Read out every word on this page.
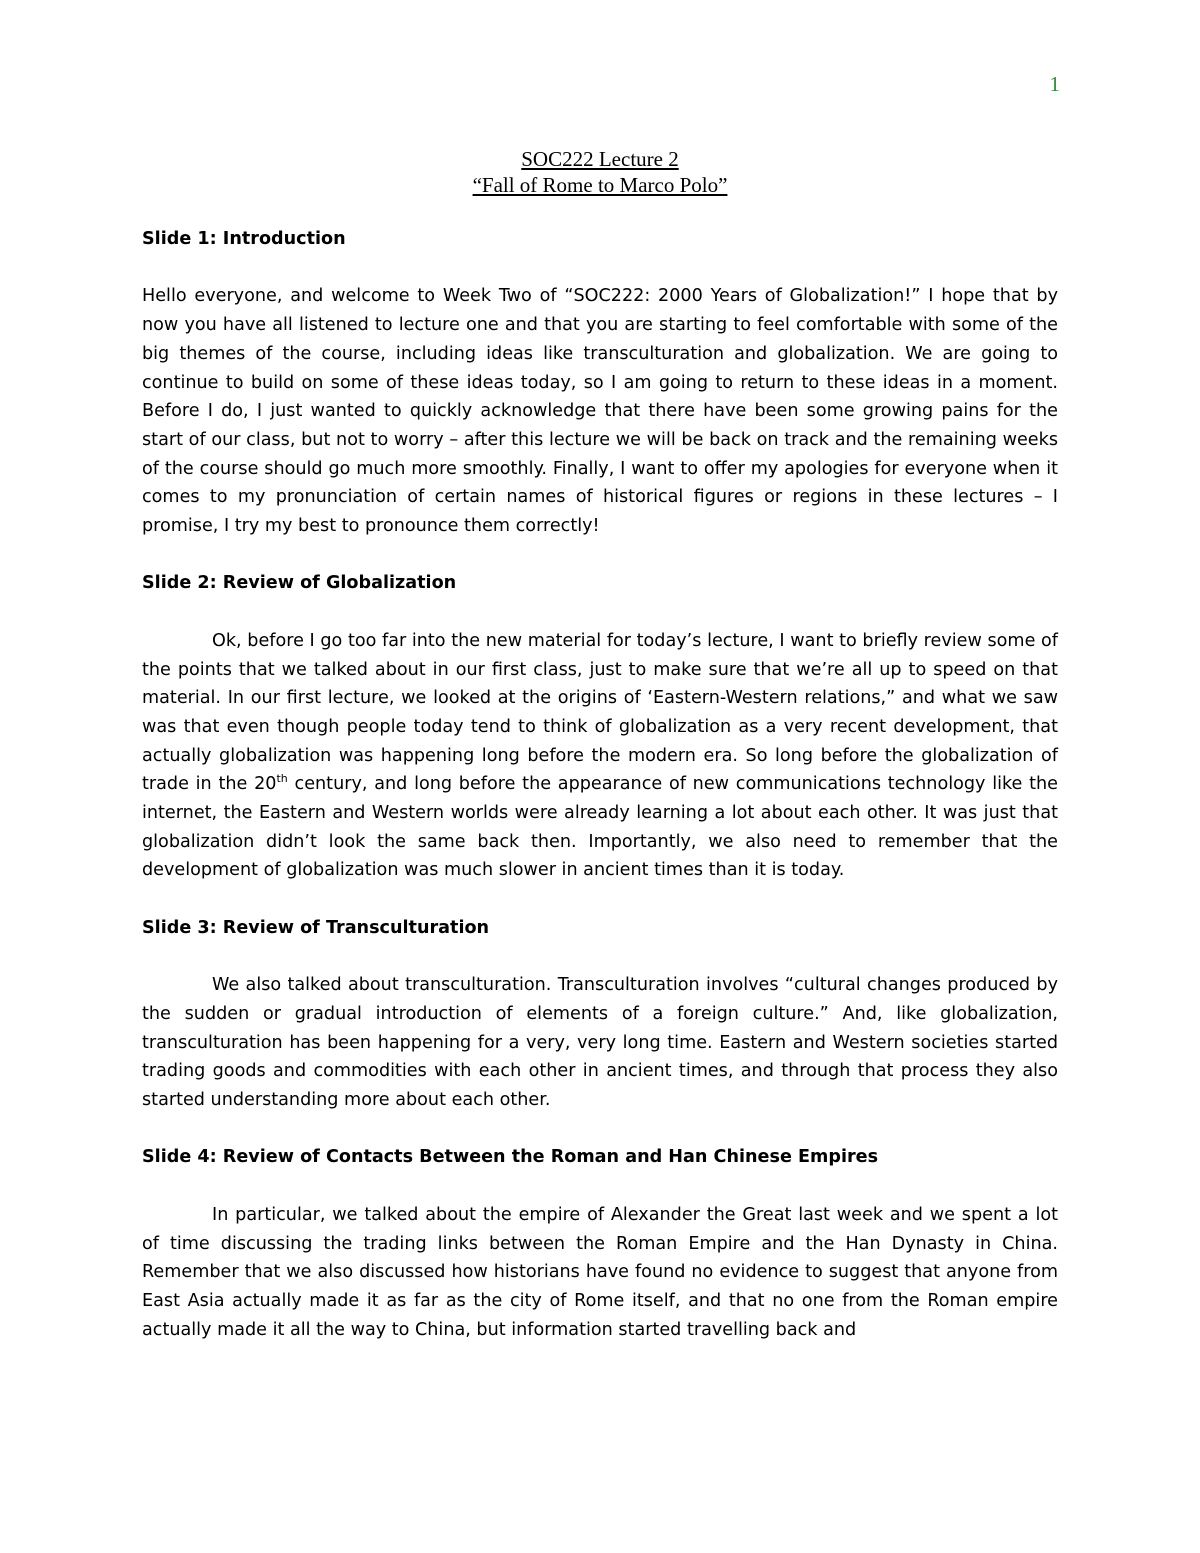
1
SOC222 Lecture 2
“Fall of Rome to Marco Polo”

Slide 1: Introduction

Hello everyone, and welcome to Week Two of “SOC222: 2000 Years of Globalization!” I hope that by now you have all listened to lecture one and that you are starting to feel comfortable with some of the big themes of the course, including ideas like transculturation and globalization. We are going to continue to build on some of these ideas today, so I am going to return to these ideas in a moment. Before I do, I just wanted to quickly acknowledge that there have been some growing pains for the start of our class, but not to worry – after this lecture we will be back on track and the remaining weeks of the course should go much more smoothly. Finally, I want to offer my apologies for everyone when it comes to my pronunciation of certain names of historical figures or regions in these lectures – I promise, I try my best to pronounce them correctly!

Slide 2: Review of Globalization

Ok, before I go too far into the new material for today’s lecture, I want to briefly review some of the points that we talked about in our first class, just to make sure that we’re all up to speed on that material. In our first lecture, we looked at the origins of ‘Eastern-Western relations,” and what we saw was that even though people today tend to think of globalization as a very recent development, that actually globalization was happening long before the modern era. So long before the globalization of trade in the 20th century, and long before the appearance of new communications technology like the internet, the Eastern and Western worlds were already learning a lot about each other. It was just that globalization didn’t look the same back then. Importantly, we also need to remember that the development of globalization was much slower in ancient times than it is today.

Slide 3: Review of Transculturation

We also talked about transculturation. Transculturation involves “cultural changes produced by the sudden or gradual introduction of elements of a foreign culture.” And, like globalization, transculturation has been happening for a very, very long time. Eastern and Western societies started trading goods and commodities with each other in ancient times, and through that process they also started understanding more about each other.

Slide 4: Review of Contacts Between the Roman and Han Chinese Empires

In particular, we talked about the empire of Alexander the Great last week and we spent a lot of time discussing the trading links between the Roman Empire and the Han Dynasty in China. Remember that we also discussed how historians have found no evidence to suggest that anyone from East Asia actually made it as far as the city of Rome itself, and that no one from the Roman empire actually made it all the way to China, but information started travelling back and
